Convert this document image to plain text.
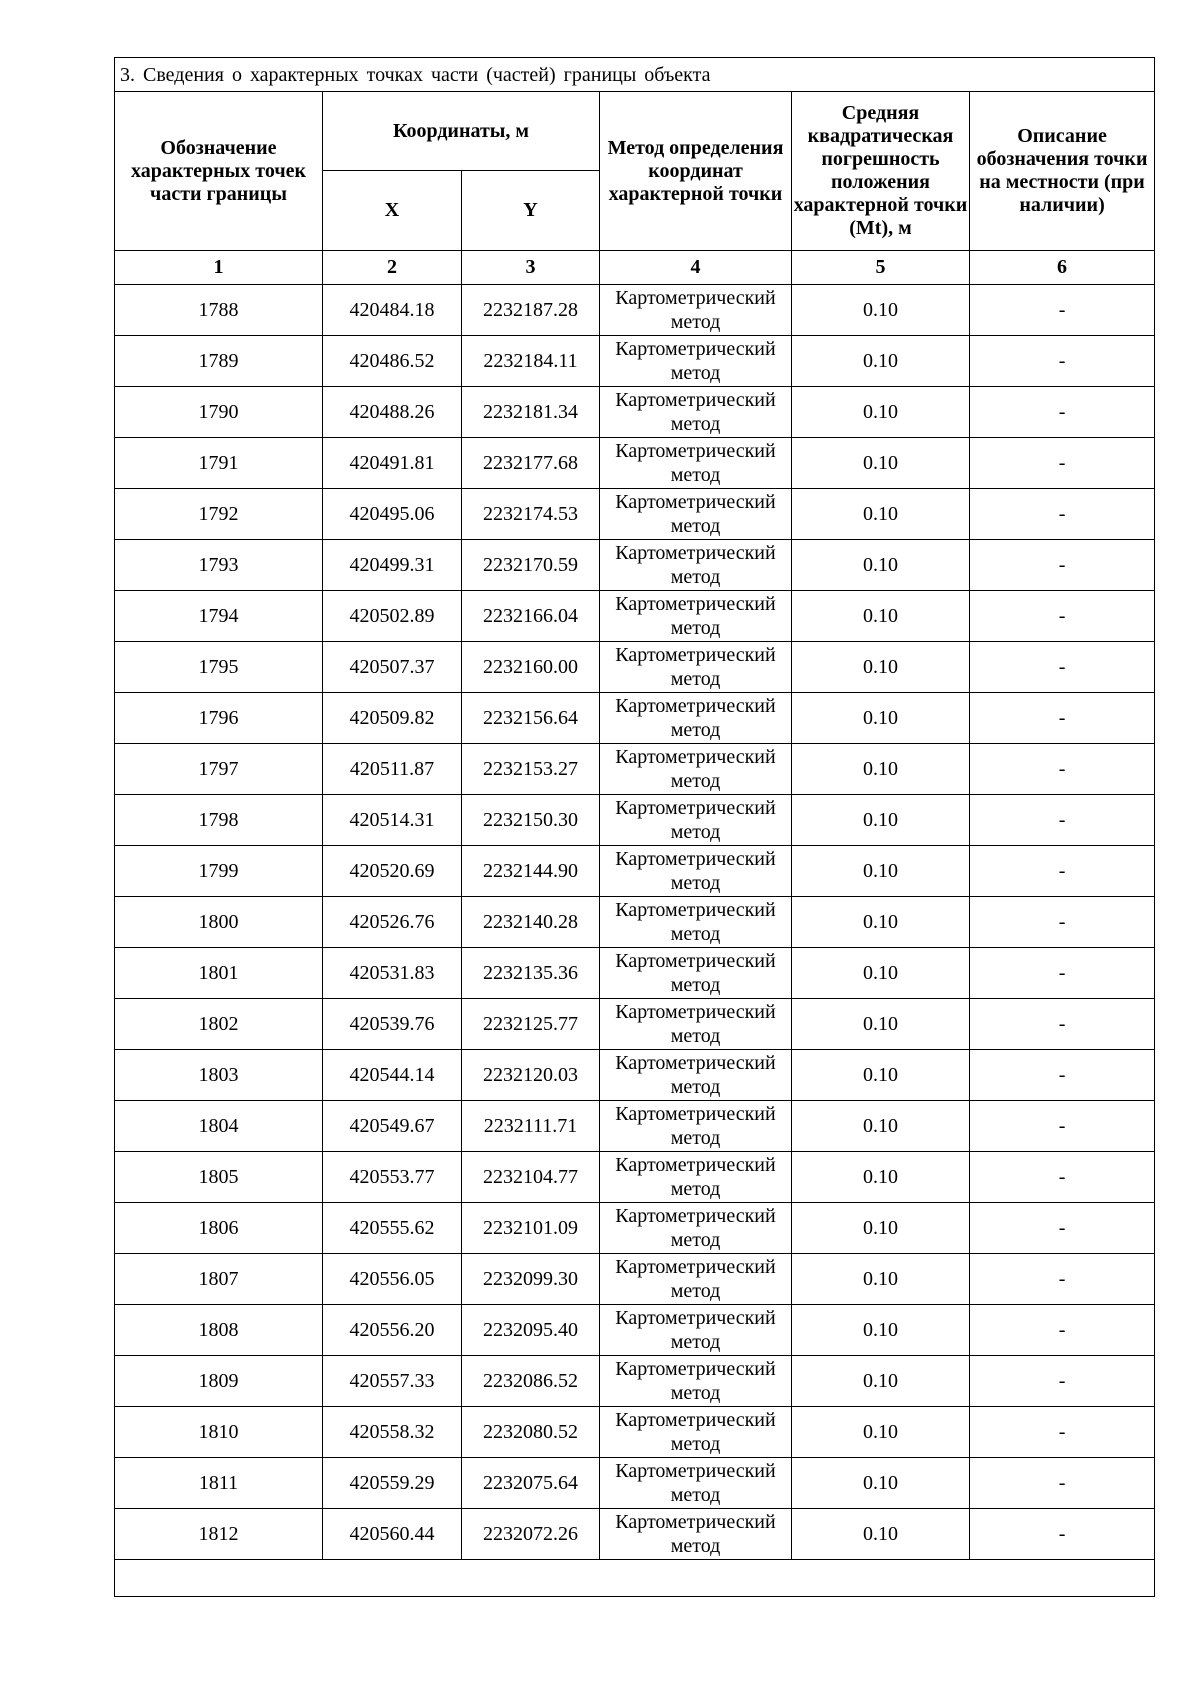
3. Сведения о характерных точках части (частей) границы объекта					
Обозначение характерных точек части границы	Координаты, м		Метод определения координат характерной точки	Средняя квадратическая погрешность положения характерной точки (Mt), м	Описание обозначения точки на местности (при наличии)
	X	Y			
1	2	3	4	5	6
1788	420484.18	2232187.28	Картометрический метод	0.10	-
1789	420486.52	2232184.11	Картометрический метод	0.10	-
1790	420488.26	2232181.34	Картометрический метод	0.10	-
1791	420491.81	2232177.68	Картометрический метод	0.10	-
1792	420495.06	2232174.53	Картометрический метод	0.10	-
1793	420499.31	2232170.59	Картометрический метод	0.10	-
1794	420502.89	2232166.04	Картометрический метод	0.10	-
1795	420507.37	2232160.00	Картометрический метод	0.10	-
1796	420509.82	2232156.64	Картометрический метод	0.10	-
1797	420511.87	2232153.27	Картометрический метод	0.10	-
1798	420514.31	2232150.30	Картометрический метод	0.10	-
1799	420520.69	2232144.90	Картометрический метод	0.10	-
1800	420526.76	2232140.28	Картометрический метод	0.10	-
1801	420531.83	2232135.36	Картометрический метод	0.10	-
1802	420539.76	2232125.77	Картометрический метод	0.10	-
1803	420544.14	2232120.03	Картометрический метод	0.10	-
1804	420549.67	2232111.71	Картометрический метод	0.10	-
1805	420553.77	2232104.77	Картометрический метод	0.10	-
1806	420555.62	2232101.09	Картометрический метод	0.10	-
1807	420556.05	2232099.30	Картометрический метод	0.10	-
1808	420556.20	2232095.40	Картометрический метод	0.10	-
1809	420557.33	2232086.52	Картометрический метод	0.10	-
1810	420558.32	2232080.52	Картометрический метод	0.10	-
1811	420559.29	2232075.64	Картометрический метод	0.10	-
1812	420560.44	2232072.26	Картометрический метод	0.10	-
